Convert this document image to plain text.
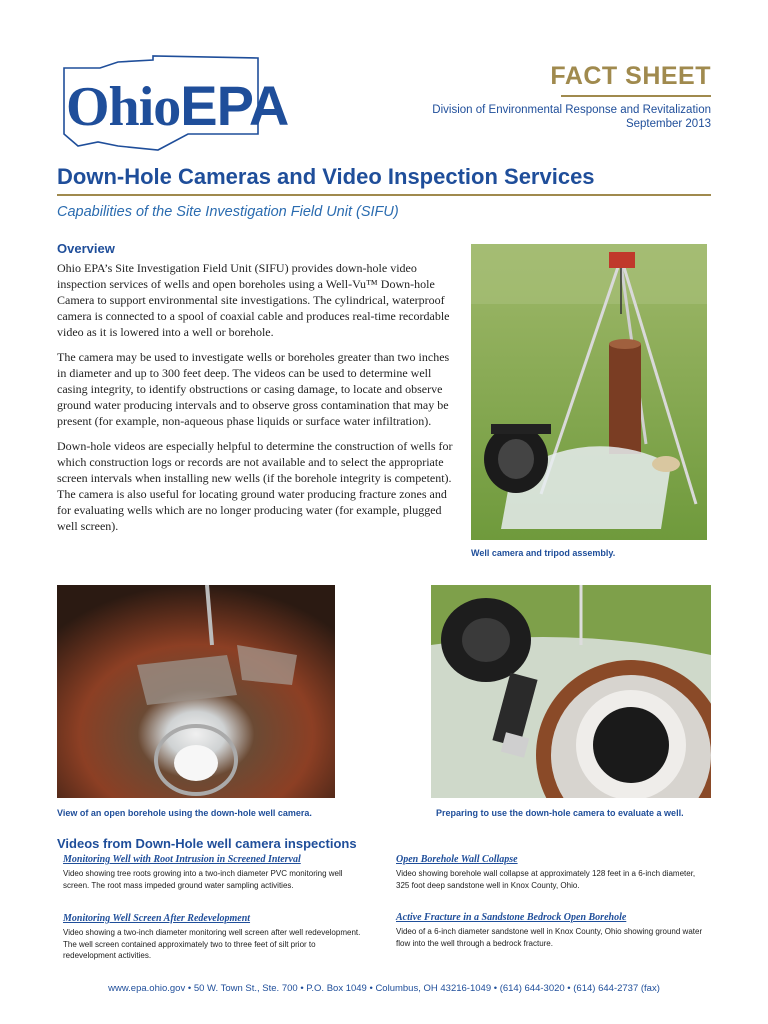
OhioEPA	FACT SHEET
Division of Environmental Response and Revitalization
September 2013
Down-Hole Cameras and Video Inspection Services
Capabilities of the Site Investigation Field Unit (SIFU)
Overview

Ohio EPA’s Site Investigation Field Unit (SIFU) provides down-hole video inspection services of wells and open boreholes using a Well-Vu™ Down-hole Camera to support environmental site investigations. The cylindrical, waterproof camera is connected to a spool of coaxial cable and produces real-time recordable video as it is lowered into a well or borehole.

The camera may be used to investigate wells or boreholes greater than two inches in diameter and up to 300 feet deep. The videos can be used to determine well casing integrity, to identify obstructions or casing damage, to locate and observe ground water producing intervals and to observe gross contamination that may be present (for example, non-aqueous phase liquids or surface water infiltration).

Down-hole videos are especially helpful to determine the construction of wells for which construction logs or records are not available and to select the appropriate screen intervals when installing new wells (if the borehole integrity is competent). The camera is also useful for locating ground water producing fracture zones and for evaluating wells which are no longer producing water (for example, plugged well screen).

Well camera and tripod assembly.
View of an open borehole using the down-hole well camera.	Preparing to use the down-hole camera to evaluate a well.
Videos from Down-Hole well camera inspections
Monitoring Well with Root Intrusion in Screened Interval
Video showing tree roots growing into a two-inch diameter PVC monitoring well screen. The root mass impeded ground water sampling activities.
Open Borehole Wall Collapse
Video showing borehole wall collapse at approximately 128 feet in a 6-inch diameter, 325 foot deep sandstone well in Knox County, Ohio.
Monitoring Well Screen After Redevelopment
Video showing a two-inch diameter monitoring well screen after well redevelopment. The well screen contained approximately two to three feet of silt prior to redevelopment activities.
Active Fracture in a Sandstone Bedrock Open Borehole
Video of a 6-inch diameter sandstone well in Knox County, Ohio showing ground water flow into the well through a bedrock fracture.
www.epa.ohio.gov • 50 W. Town St., Ste. 700 • P.O. Box 1049 • Columbus, OH 43216-1049 • (614) 644-3020 • (614) 644-2737 (fax)
